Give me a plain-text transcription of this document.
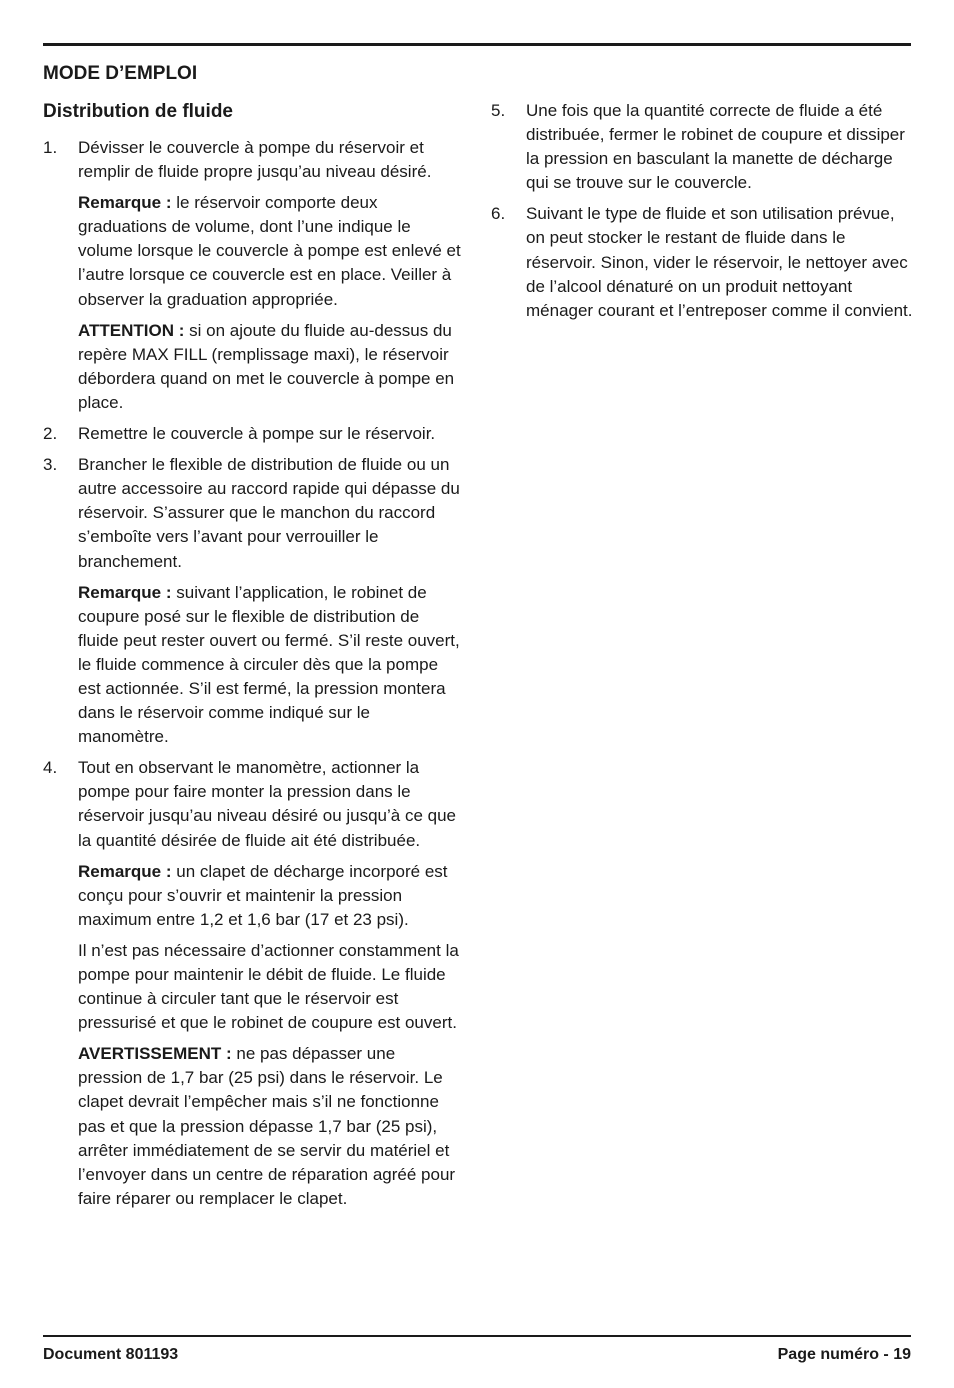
MODE D’EMPLOI
Distribution de fluide
1. Dévisser le couvercle à pompe du réservoir et remplir de fluide propre jusqu’au niveau désiré.

Remarque : le réservoir comporte deux graduations de volume, dont l’une indique le volume lorsque le couvercle à pompe est enlevé et l’autre lorsque ce couvercle est en place. Veiller à observer la graduation appropriée.

ATTENTION : si on ajoute du fluide au-dessus du repère MAX FILL (remplissage maxi), le réservoir débordera quand on met le couvercle à pompe en place.

2. Remettre le couvercle à pompe sur le réservoir.

3. Brancher le flexible de distribution de fluide ou un autre accessoire au raccord rapide qui dépasse du réservoir. S’assurer que le manchon du raccord s’emboîte vers l’avant pour verrouiller le branchement.

Remarque : suivant l’application, le robinet de coupure posé sur le flexible de distribution de fluide peut rester ouvert ou fermé. S’il reste ouvert, le fluide commence à circuler dès que la pompe est actionnée. S’il est fermé, la pression montera dans le réservoir comme indiqué sur le manomètre.

4. Tout en observant le manomètre, actionner la pompe pour faire monter la pression dans le réservoir jusqu’au niveau désiré ou jusqu’à ce que la quantité désirée de fluide ait été distribuée.

Remarque : un clapet de décharge incorporé est conçu pour s’ouvrir et maintenir la pression maximum entre 1,2 et 1,6 bar (17 et 23 psi).

Il n’est pas nécessaire d’actionner constamment la pompe pour maintenir le débit de fluide. Le fluide continue à circuler tant que le réservoir est pressurisé et que le robinet de coupure est ouvert.

AVERTISSEMENT : ne pas dépasser une pression de 1,7 bar (25 psi) dans le réservoir. Le clapet devrait l’empêcher mais s’il ne fonctionne pas et que la pression dépasse 1,7 bar (25 psi), arrêter immédiatement de se servir du matériel et l’envoyer dans un centre de réparation agréé pour faire réparer ou remplacer le clapet.

5. Une fois que la quantité correcte de fluide a été distribuée, fermer le robinet de coupure et dissiper la pression en basculant la manette de décharge qui se trouve sur le couvercle.

6. Suivant le type de fluide et son utilisation prévue, on peut stocker le restant de fluide dans le réservoir. Sinon, vider le réservoir, le nettoyer avec de l’alcool dénaturé on un produit nettoyant ménager courant et l’entreposer comme il convient.

Document 801193	Page numéro - 19
